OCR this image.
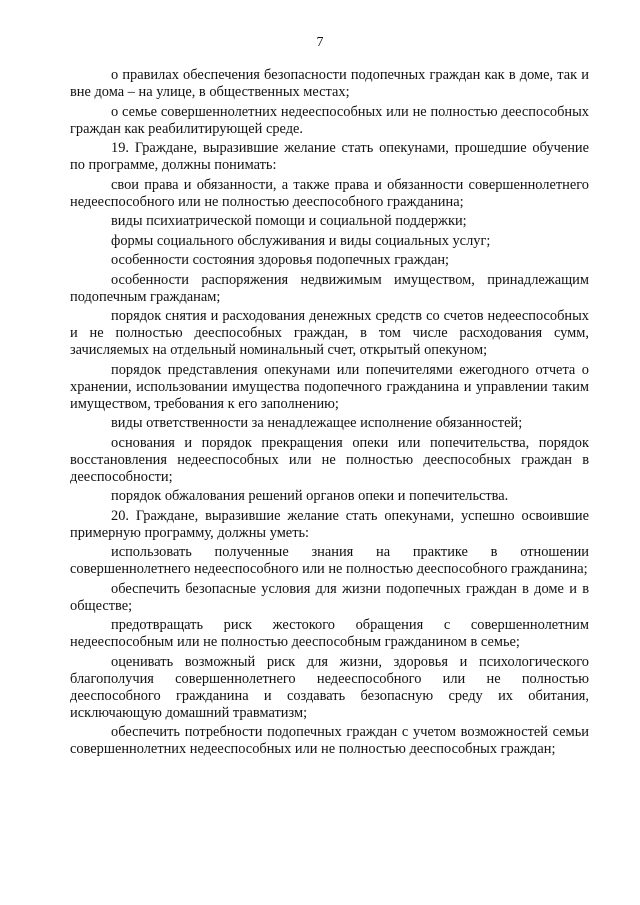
7

о правилах обеспечения безопасности подопечных граждан как в доме, так и вне дома – на улице, в общественных местах;

о семье совершеннолетних недееспособных или не полностью дееспособных граждан как реабилитирующей среде.

19. Граждане, выразившие желание стать опекунами, прошедшие обучение по программе, должны понимать:

свои права и обязанности, а также права и обязанности совершеннолетнего недееспособного или не полностью дееспособного гражданина;

виды психиатрической помощи и социальной поддержки;

формы социального обслуживания и виды социальных услуг;

особенности состояния здоровья подопечных граждан;

особенности распоряжения недвижимым имуществом, принадлежащим подопечным гражданам;

порядок снятия и расходования денежных средств со счетов недееспособных и не полностью дееспособных граждан, в том числе расходования сумм, зачисляемых на отдельный номинальный счет, открытый опекуном;

порядок представления опекунами или попечителями ежегодного отчета о хранении, использовании имущества подопечного гражданина и управлении таким имуществом, требования к его заполнению;

виды ответственности за ненадлежащее исполнение обязанностей;

основания и порядок прекращения опеки или попечительства, порядок восстановления недееспособных или не полностью дееспособных граждан в дееспособности;

порядок обжалования решений органов опеки и попечительства.

20. Граждане, выразившие желание стать опекунами, успешно освоившие примерную программу, должны уметь:

использовать полученные знания на практике в отношении совершеннолетнего недееспособного или не полностью дееспособного гражданина;

обеспечить безопасные условия для жизни подопечных граждан в доме и в обществе;

предотвращать риск жестокого обращения с совершеннолетним недееспособным или не полностью дееспособным гражданином в семье;

оценивать возможный риск для жизни, здоровья и психологического благополучия совершеннолетнего недееспособного или не полностью дееспособного гражданина и создавать безопасную среду их обитания, исключающую домашний травматизм;

обеспечить потребности подопечных граждан с учетом возможностей семьи совершеннолетних недееспособных или не полностью дееспособных граждан;
